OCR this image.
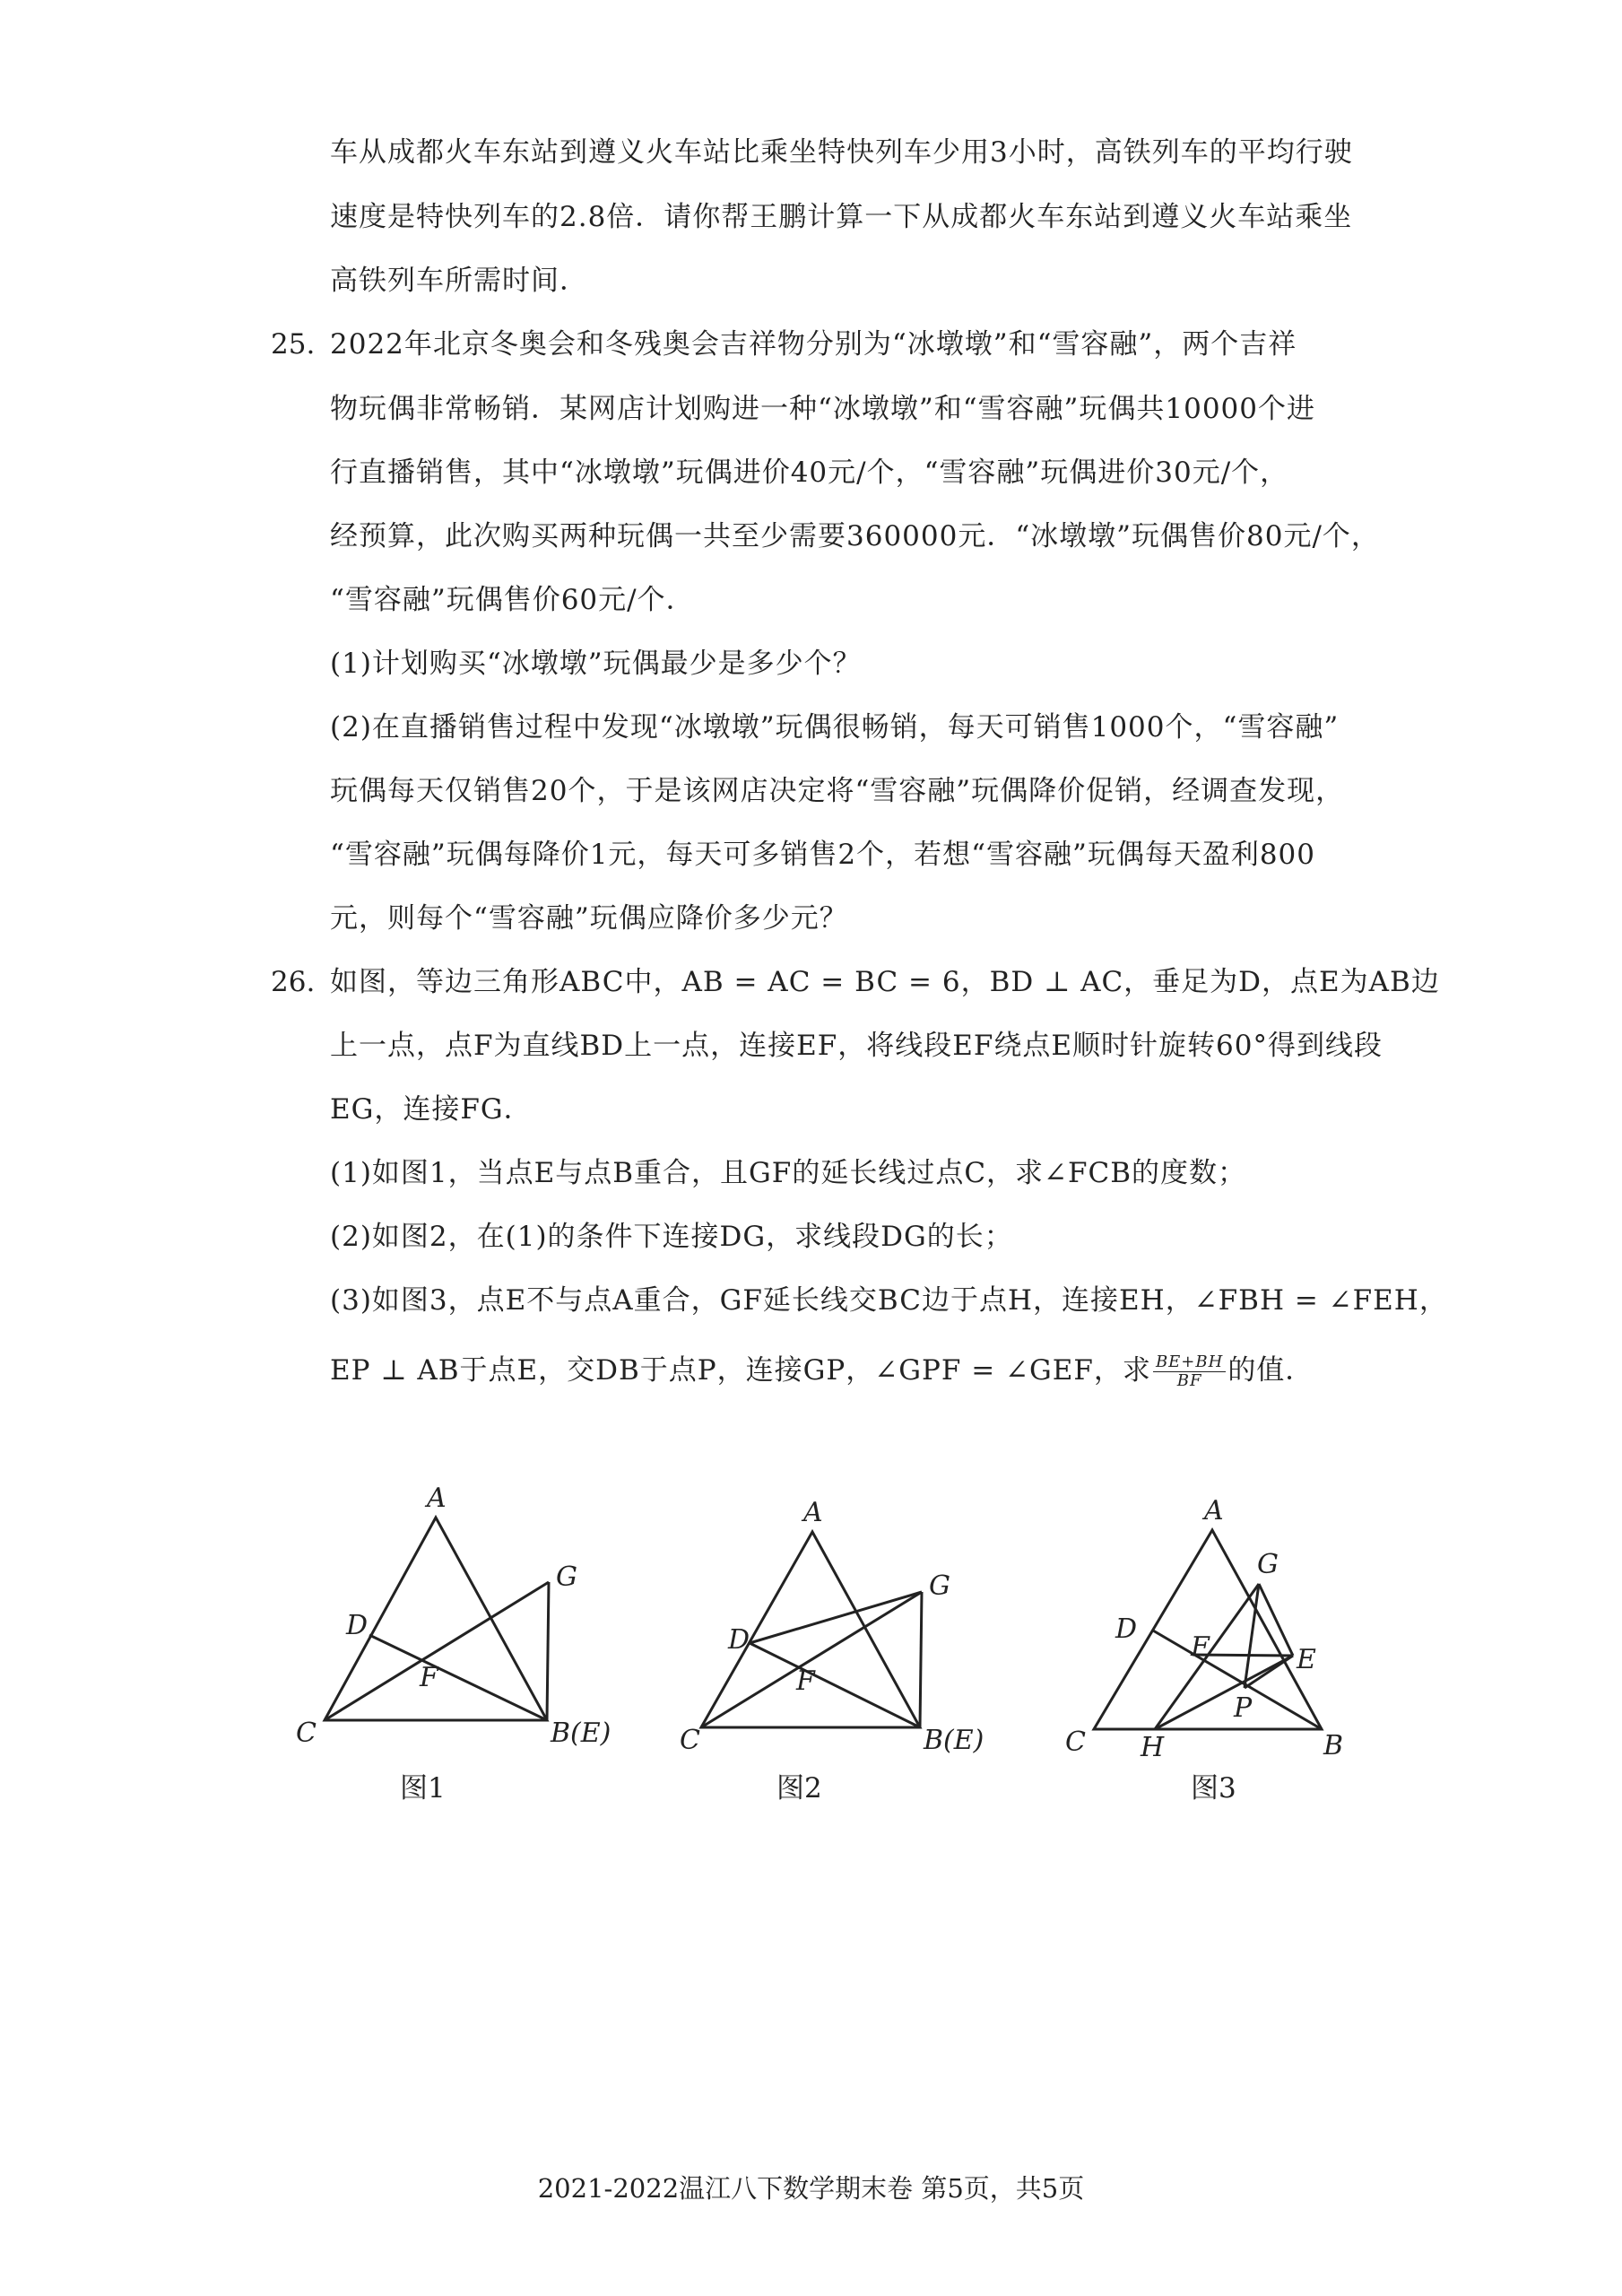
车从成都火车东站到遵义火车站比乘坐特快列车少用3小时，高铁列车的平均行驶
速度是特快列车的2.8倍．请你帮王鹏计算一下从成都火车东站到遵义火车站乘坐
高铁列车所需时间．
25. 2022年北京冬奥会和冬残奥会吉祥物分别为“冰墩墩”和“雪容融”，两个吉祥
物玩偶非常畅销．某网店计划购进一种“冰墩墩”和“雪容融”玩偶共10000个进
行直播销售，其中“冰墩墩”玩偶进价40元/个，“雪容融”玩偶进价30元/个，
经预算，此次购买两种玩偶一共至少需要360000元．“冰墩墩”玩偶售价80元/个，
“雪容融”玩偶售价60元/个．
(1)计划购买“冰墩墩”玩偶最少是多少个？
(2)在直播销售过程中发现“冰墩墩”玩偶很畅销，每天可销售1000个，“雪容融”
玩偶每天仅销售20个，于是该网店决定将“雪容融”玩偶降价促销，经调查发现，
“雪容融”玩偶每降价1元，每天可多销售2个，若想“雪容融”玩偶每天盈利800
元，则每个“雪容融”玩偶应降价多少元？
26. 如图，等边三角形ABC中，AB = AC = BC = 6，BD ⊥ AC，垂足为D，点E为AB边
上一点，点F为直线BD上一点，连接EF，将线段EF绕点E顺时针旋转60°得到线段
EG，连接FG．
(1)如图1，当点E与点B重合，且GF的延长线过点C，求∠FCB的度数；
(2)如图2，在(1)的条件下连接DG，求线段DG的长；
(3)如图3，点E不与点A重合，GF延长线交BC边于点H，连接EH，∠FBH = ∠FEH，
EP ⊥ AB于点E，交DB于点P，连接GP，∠GPF = ∠GEF，求 $\frac{BE+BH}{BF}$ 的值．
A
C	B(E)
D
F
G
图1
A
C	B(E)
D
F
G
图2
A
C	B
D
F
G
E
P
H
图3
2021-2022温江八下数学期末卷 第5页，共5页
